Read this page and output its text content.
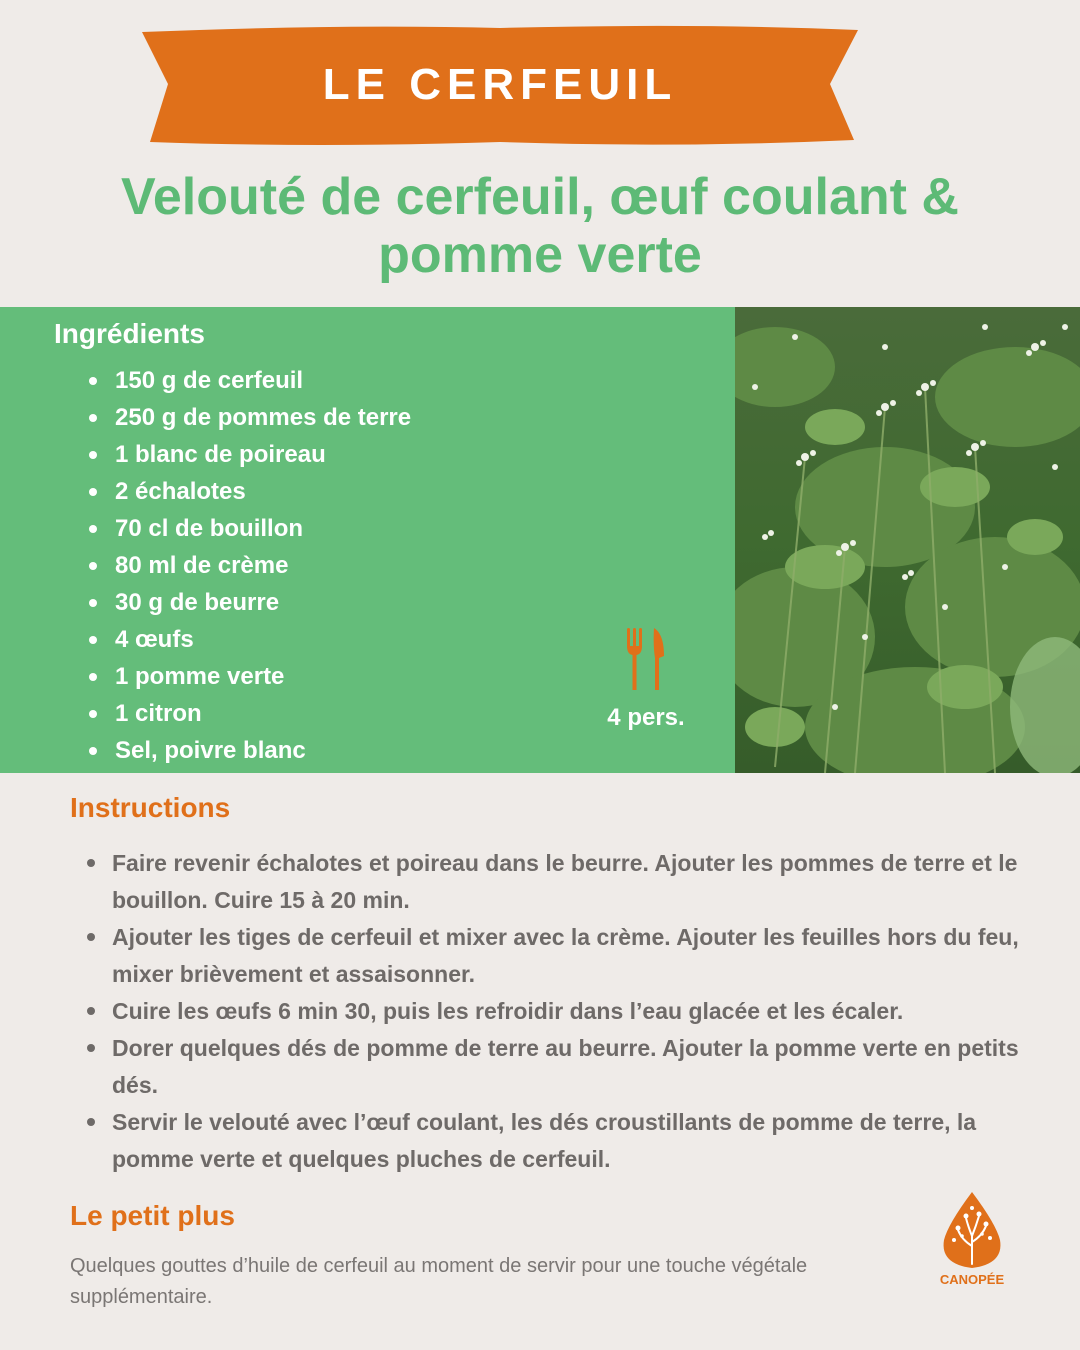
LE CERFEUIL
Velouté de cerfeuil, œuf coulant & pomme verte
Ingrédients
150 g de cerfeuil
250 g de pommes de terre
1 blanc de poireau
2 échalotes
70 cl de bouillon
80 ml de crème
30 g de beurre
4 œufs
1 pomme verte
1 citron
Sel, poivre blanc
4 pers.
Instructions
Faire revenir échalotes et poireau dans le beurre. Ajouter les pommes de terre et le bouillon. Cuire 15 à 20 min.
Ajouter les tiges de cerfeuil et mixer avec la crème. Ajouter les feuilles hors du feu, mixer brièvement et assaisonner.
Cuire les œufs 6 min 30, puis les refroidir dans l’eau glacée et les écaler.
Dorer quelques dés de pomme de terre au beurre. Ajouter la pomme verte en petits dés.
Servir le velouté avec l’œuf coulant, les dés croustillants de pomme de terre, la pomme verte et quelques pluches de cerfeuil.
Le petit plus

Quelques gouttes d’huile de cerfeuil au moment de servir pour une touche végétale supplémentaire.

CANOPÉE
